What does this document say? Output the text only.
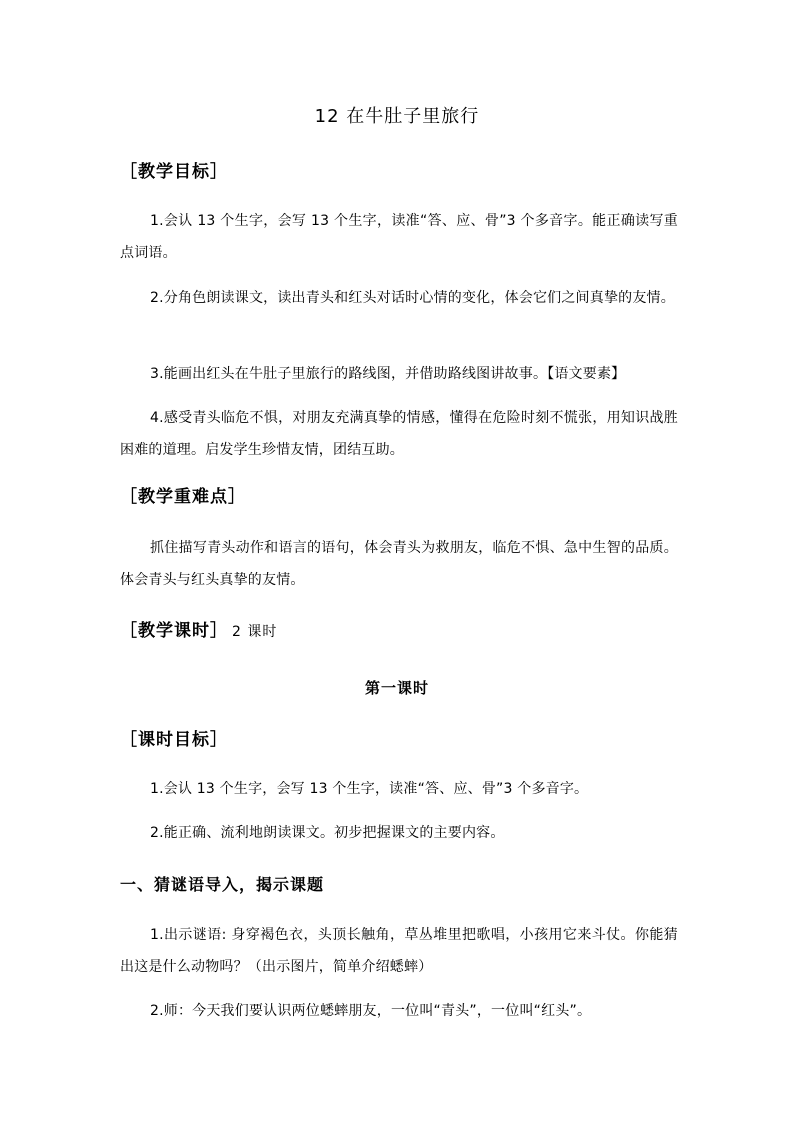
12 在牛肚子里旅行
［教学目标］
1.会认 13 个生字，会写 13 个生字，读准“答、应、骨”3 个多音字。能正确读写重点词语。
2.分角色朗读课文，读出青头和红头对话时心情的变化，体会它们之间真挚的友情。
3.能画出红头在牛肚子里旅行的路线图，并借助路线图讲故事。【语文要素】
4.感受青头临危不惧，对朋友充满真挚的情感，懂得在危险时刻不慌张，用知识战胜困难的道理。启发学生珍惜友情，团结互助。
［教学重难点］
抓住描写青头动作和语言的语句，体会青头为救朋友，临危不惧、急中生智的品质。体会青头与红头真挚的友情。
［教学课时］ 2 课时
第一课时
［课时目标］
1.会认 13 个生字，会写 13 个生字，读准“答、应、骨”3 个多音字。
2.能正确、流利地朗读课文。初步把握课文的主要内容。
一、猜谜语导入，揭示课题
1.出示谜语: 身穿褐色衣，头顶长触角，草丛堆里把歌唱，小孩用它来斗仗。你能猜出这是什么动物吗？（出示图片，简单介绍蟋蟀）
2.师：今天我们要认识两位蟋蟀朋友，一位叫“青头”，一位叫“红头”。
